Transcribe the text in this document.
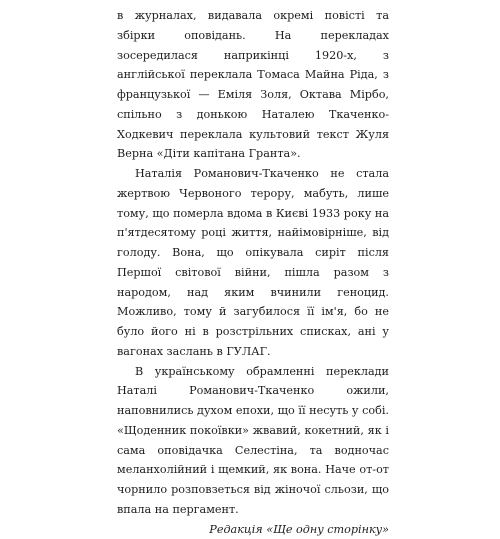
в журналах, видавала окремі повісті та збірки оповідань. На перекладах зосередилася наприкінці 1920-х, з англійської переклала Томаса Майна Ріда, з французької — Еміля Золя, Октава Мірбо, спільно з донькою Наталею Ткаченко-Ходкевич переклала культовий текст Жуля Верна «Діти капітана Гранта».

Наталія Романович-Ткаченко не стала жертвою Червоного терору, мабуть, лише тому, що померла вдома в Києві 1933 року на п'ятдесятому році життя, найімовірніше, від голоду. Вона, що опікувала сиріт після Першої світової війни, пішла разом з народом, над яким вчинили геноцид. Можливо, тому й загубилося її ім'я, бо не було його ні в розстрільних списках, ані у вагонах заслань в ГУЛАГ.

В українському обрамленні переклади Наталі Романович-Ткаченко ожили, наповнились духом епохи, що її несуть у собі. «Щоденник покоївки» жвавий, кокетний, як і сама оповідачка Селестіна, та водночас меланхолійний і щемкий, як вона. Наче от-от чорнило розповзеться від жіночої сльози, що впала на пергамент.

Редакція «Ще одну сторінку»
